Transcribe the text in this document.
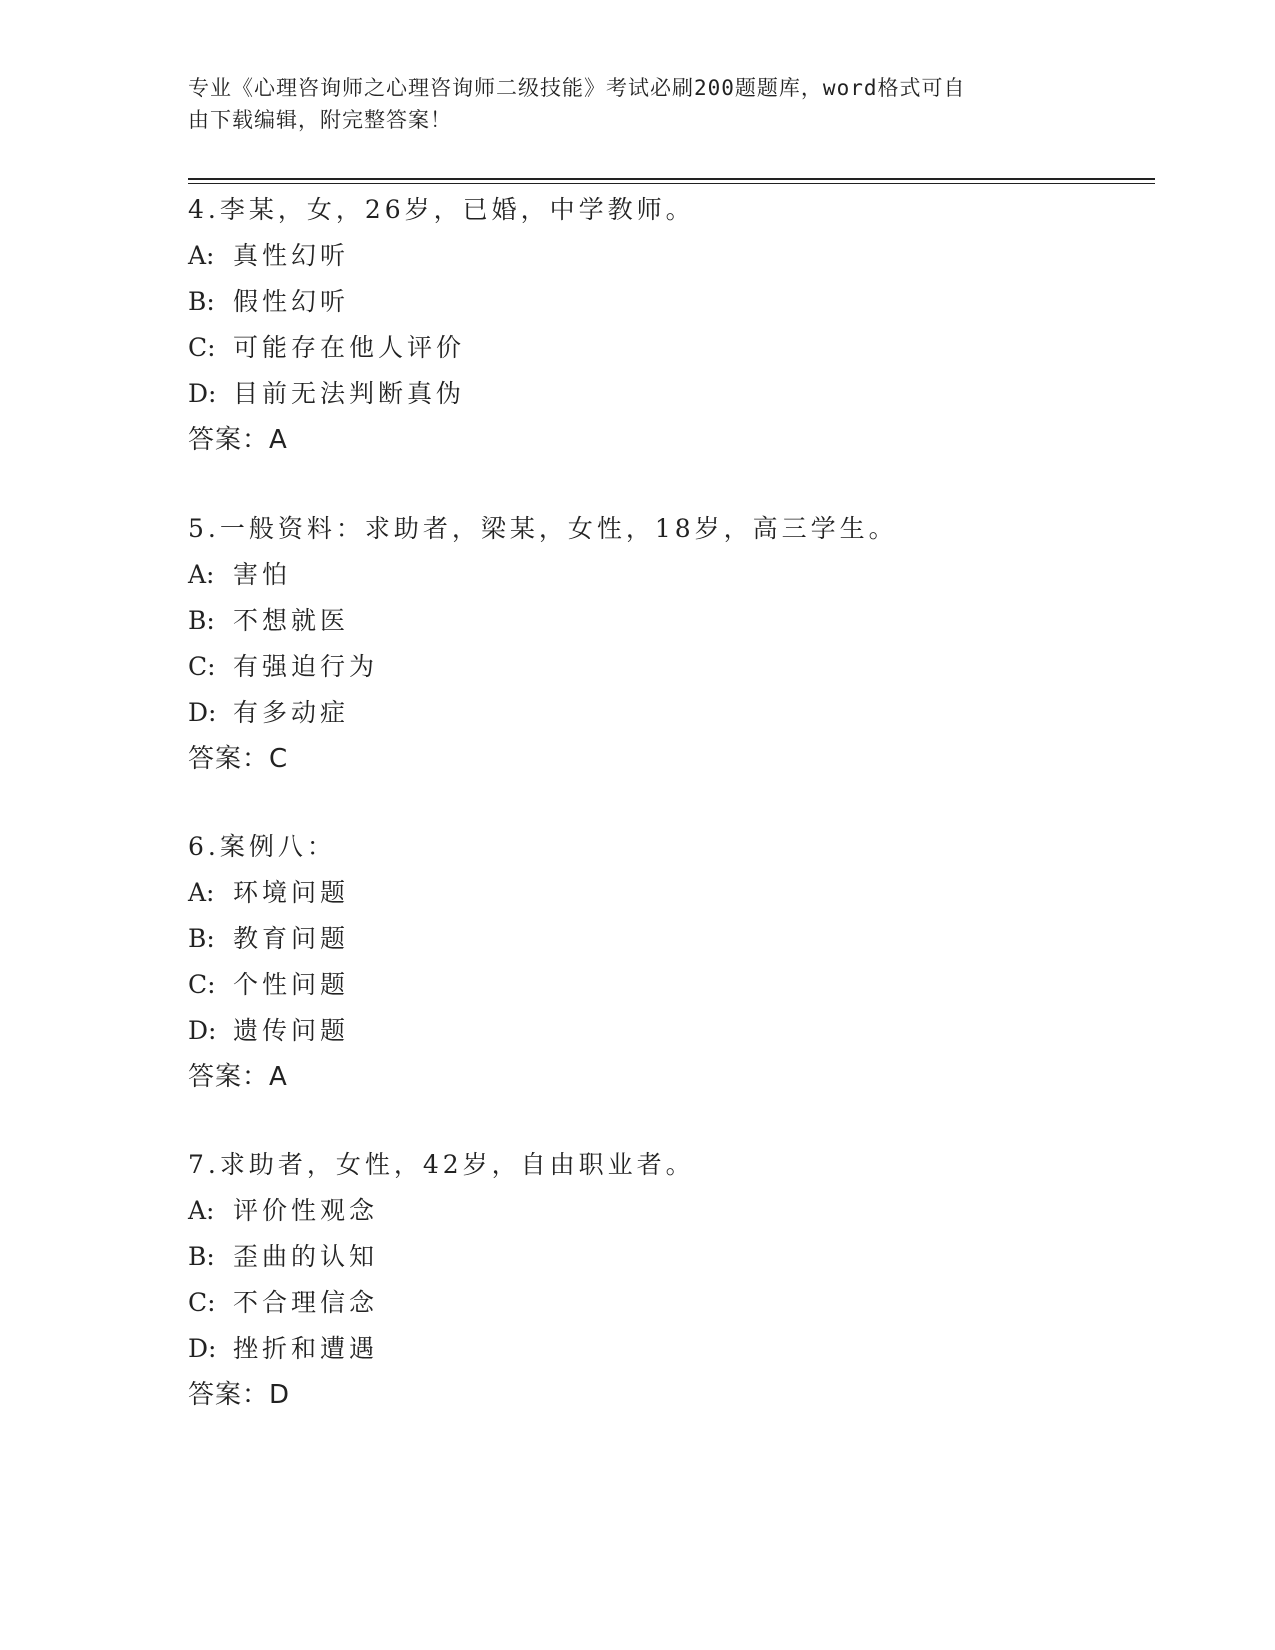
专业《心理咨询师之心理咨询师二级技能》考试必刷200题题库，word格式可自
由下载编辑，附完整答案！
4.李某，女，26岁，已婚，中学教师。
A: 真性幻听
B: 假性幻听
C: 可能存在他人评价
D: 目前无法判断真伪
答案：A
5.一般资料：求助者，梁某，女性，18岁，高三学生。
A: 害怕
B: 不想就医
C: 有强迫行为
D: 有多动症
答案：C
6.案例八：
A: 环境问题
B: 教育问题
C: 个性问题
D: 遗传问题
答案：A
7.求助者，女性，42岁，自由职业者。
A: 评价性观念
B: 歪曲的认知
C: 不合理信念
D: 挫折和遭遇
答案：D
